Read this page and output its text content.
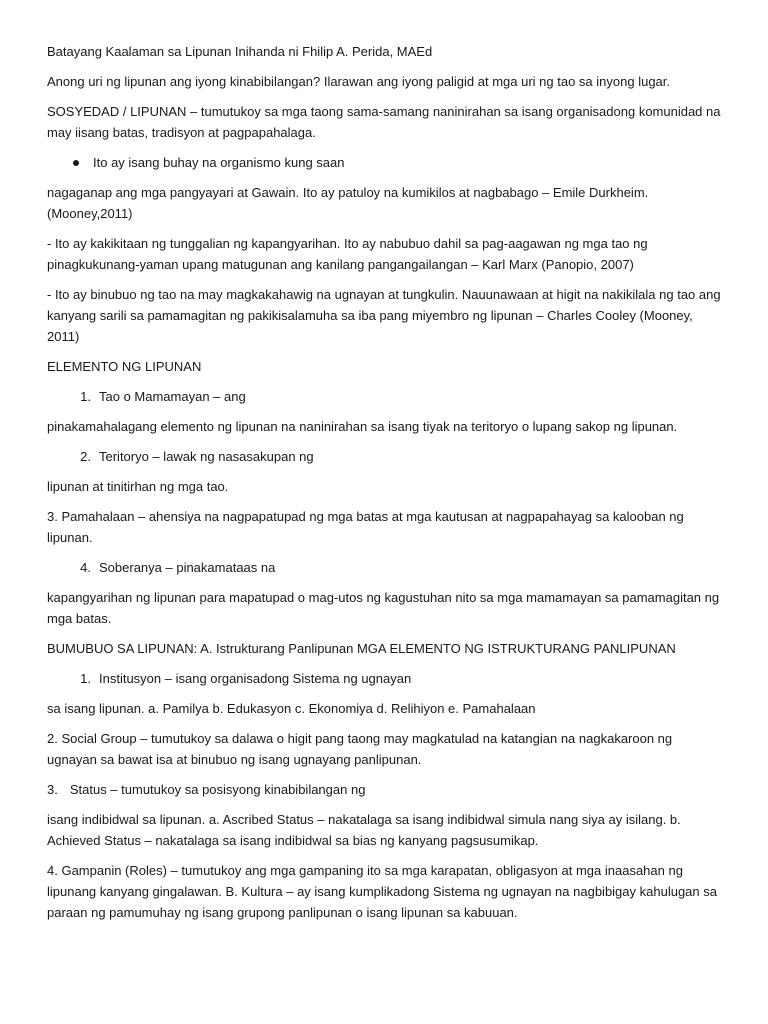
Batayang Kaalaman sa Lipunan Inihanda ni Fhilip A. Perida, MAEd

Anong uri ng lipunan ang iyong kinabibilangan? Ilarawan ang iyong paligid at mga uri ng tao sa inyong lugar.

SOSYEDAD / LIPUNAN – tumutukoy sa mga taong sama-samang naninirahan sa isang organisadong komunidad na may iisang batas, tradisyon at pagpapahalaga.

Ito ay isang buhay na organismo kung saan

nagaganap ang mga pangyayari at Gawain. Ito ay patuloy na kumikilos at nagbabago – Emile Durkheim. (Mooney,2011)

- Ito ay kakikitaan ng tunggalian ng kapangyarihan. Ito ay nabubuo dahil sa pag-aagawan ng mga tao ng pinagkukunang-yaman upang matugunan ang kanilang pangangailangan – Karl Marx (Panopio, 2007)

- Ito ay binubuo ng tao na may magkakahawig na ugnayan at tungkulin. Nauunawaan at higit na nakikilala ng tao ang kanyang sarili sa pamamagitan ng pakikisalamuha sa iba pang miyembro ng lipunan – Charles Cooley (Mooney, 2011)

ELEMENTO NG LIPUNAN

1. Tao o Mamamayan – ang

pinakamahalagang elemento ng lipunan na naninirahan sa isang tiyak na teritoryo o lupang sakop ng lipunan.

2. Teritoryo – lawak ng nasasakupan ng

lipunan at tinitirhan ng mga tao.

3. Pamahalaan – ahensiya na nagpapatupad ng mga batas at mga kautusan at nagpapahayag sa kalooban ng lipunan.

4. Soberanya – pinakamataas na

kapangyarihan ng lipunan para mapatupad o mag-utos ng kagustuhan nito sa mga mamamayan sa pamamagitan ng mga batas.

BUMUBUO SA LIPUNAN: A. Istrukturang Panlipunan MGA ELEMENTO NG ISTRUKTURANG PANLIPUNAN

1. Institusyon – isang organisadong Sistema ng ugnayan

sa isang lipunan. a. Pamilya b. Edukasyon c. Ekonomiya d. Relihiyon e. Pamahalaan

2. Social Group – tumutukoy sa dalawa o higit pang taong may magkatulad na katangian na nagkakaroon ng ugnayan sa bawat isa at binubuo ng isang ugnayang panlipunan.

3. Status – tumutukoy sa posisyong kinabibilangan ng

isang indibidwal sa lipunan. a. Ascribed Status – nakatalaga sa isang indibidwal simula nang siya ay isilang. b. Achieved Status – nakatalaga sa isang indibidwal sa bias ng kanyang pagsusumikap.

4. Gampanin (Roles) – tumutukoy ang mga gampaning ito sa mga karapatan, obligasyon at mga inaasahan ng lipunang kanyang gingalawan. B. Kultura – ay isang kumplikadong Sistema ng ugnayan na nagbibigay kahulugan sa paraan ng pamumuhay ng isang grupong panlipunan o isang lipunan sa kabuuan.
